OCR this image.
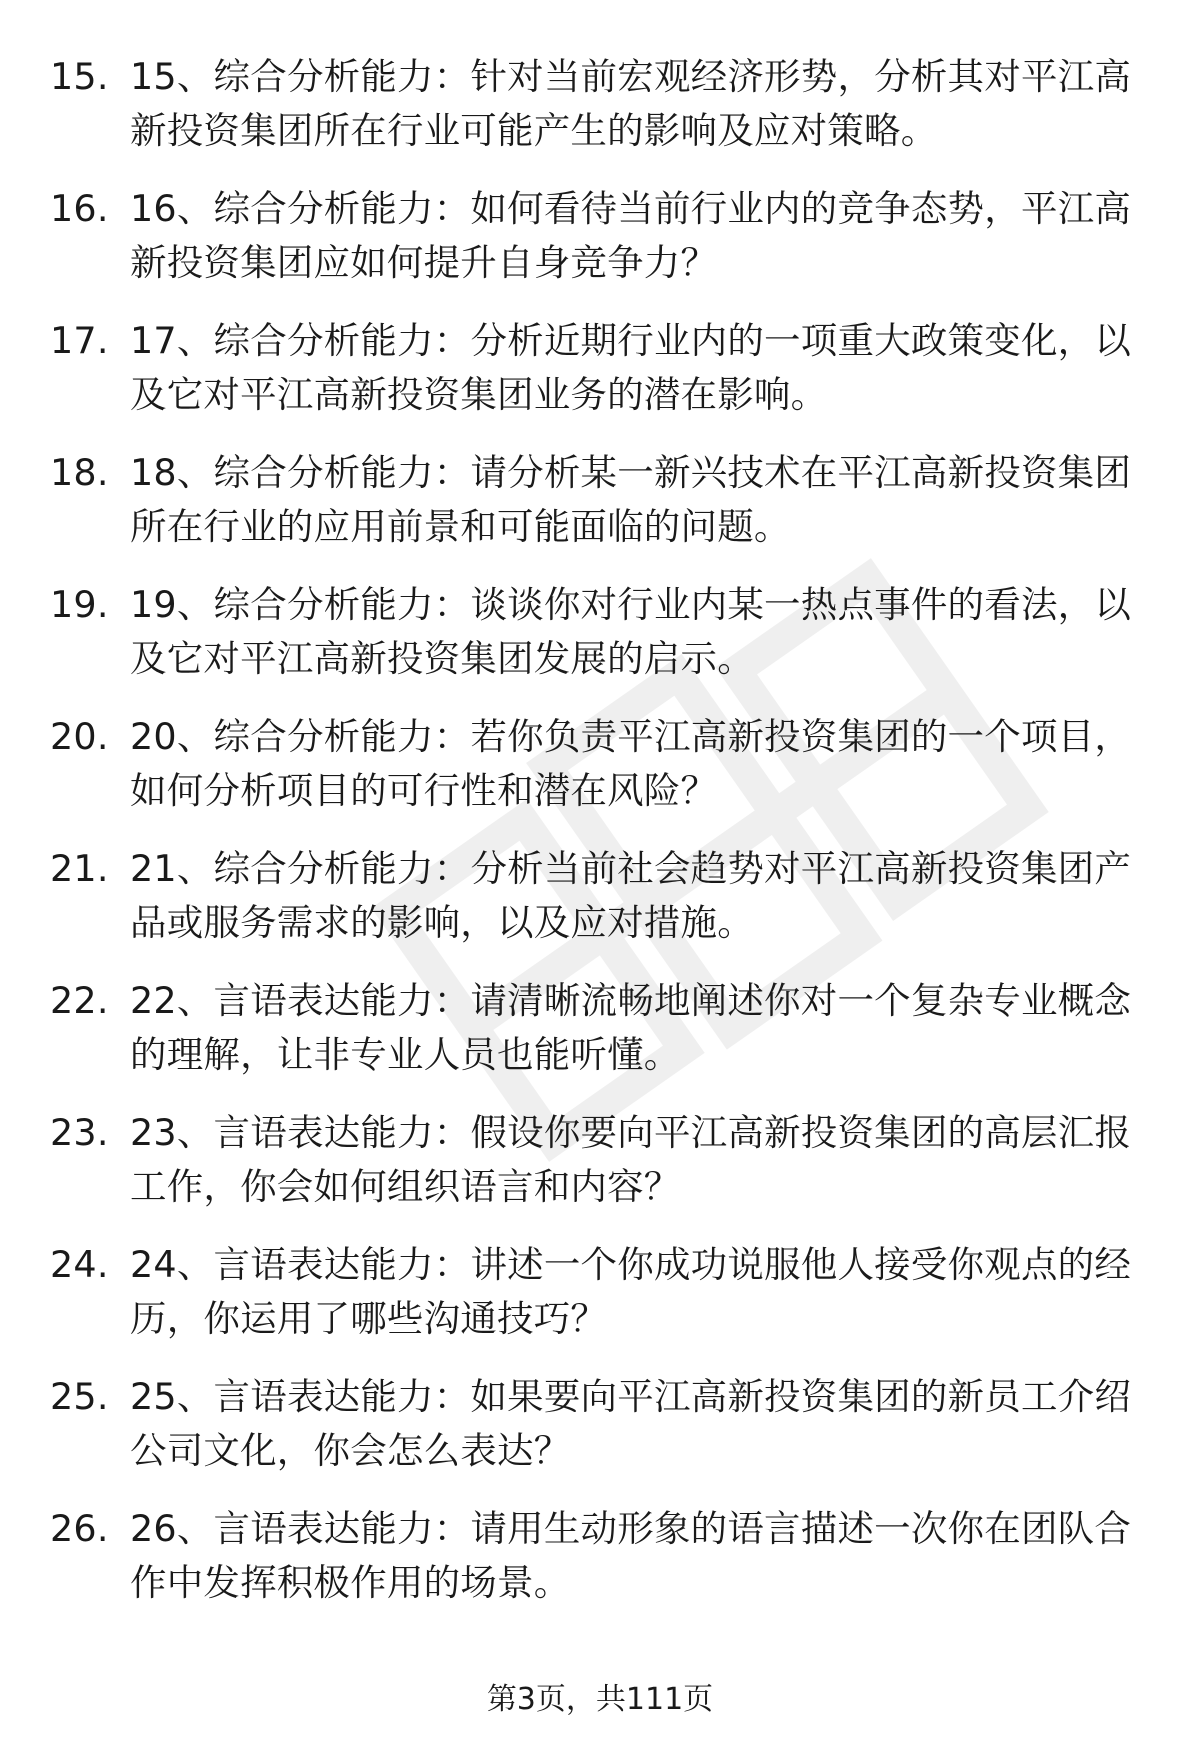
15. 15、综合分析能力：针对当前宏观经济形势，分析其对平江高新投资集团所在行业可能产生的影响及应对策略。
16. 16、综合分析能力：如何看待当前行业内的竞争态势，平江高新投资集团应如何提升自身竞争力？
17. 17、综合分析能力：分析近期行业内的一项重大政策变化，以及它对平江高新投资集团业务的潜在影响。
18. 18、综合分析能力：请分析某一新兴技术在平江高新投资集团所在行业的应用前景和可能面临的问题。
19. 19、综合分析能力：谈谈你对行业内某一热点事件的看法，以及它对平江高新投资集团发展的启示。
20. 20、综合分析能力：若你负责平江高新投资集团的一个项目，如何分析项目的可行性和潜在风险？
21. 21、综合分析能力：分析当前社会趋势对平江高新投资集团产品或服务需求的影响，以及应对措施。
22. 22、言语表达能力：请清晰流畅地阐述你对一个复杂专业概念的理解，让非专业人员也能听懂。
23. 23、言语表达能力：假设你要向平江高新投资集团的高层汇报工作，你会如何组织语言和内容？
24. 24、言语表达能力：讲述一个你成功说服他人接受你观点的经历，你运用了哪些沟通技巧？
25. 25、言语表达能力：如果要向平江高新投资集团的新员工介绍公司文化，你会怎么表达？
26. 26、言语表达能力：请用生动形象的语言描述一次你在团队合作中发挥积极作用的场景。
第3页，共111页
